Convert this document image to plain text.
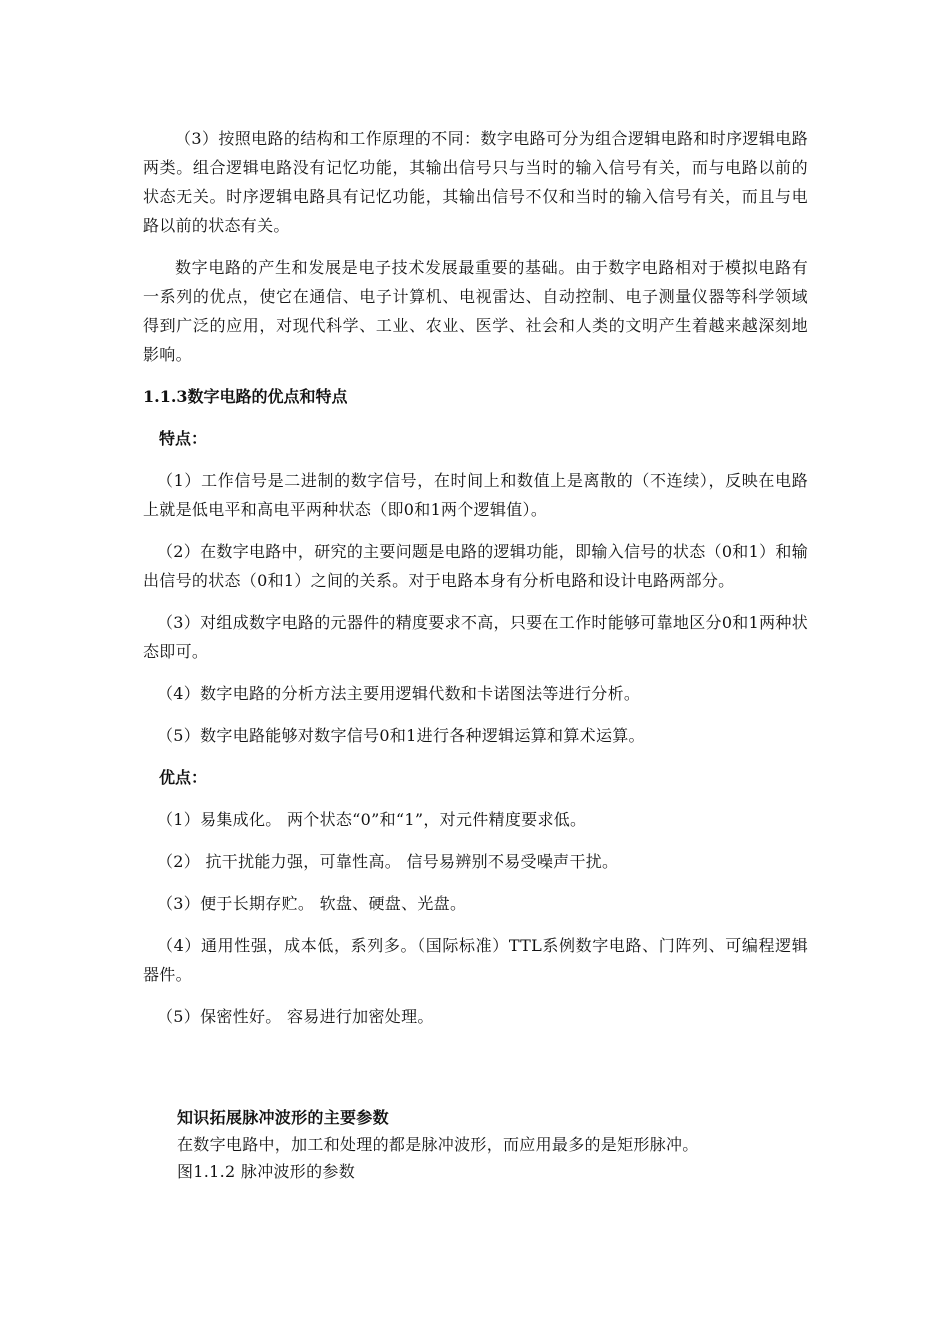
（3）按照电路的结构和工作原理的不同：数字电路可分为组合逻辑电路和时序逻辑电路两类。组合逻辑电路没有记忆功能，其输出信号只与当时的输入信号有关，而与电路以前的状态无关。时序逻辑电路具有记忆功能，其输出信号不仅和当时的输入信号有关，而且与电路以前的状态有关。

数字电路的产生和发展是电子技术发展最重要的基础。由于数字电路相对于模拟电路有一系列的优点，使它在通信、电子计算机、电视雷达、自动控制、电子测量仪器等科学领域得到广泛的应用，对现代科学、工业、农业、医学、社会和人类的文明产生着越来越深刻地影响。

1.1.3数字电路的优点和特点
特点：

（1）工作信号是二进制的数字信号，在时间上和数值上是离散的（不连续），反映在电路上就是低电平和高电平两种状态（即0和1两个逻辑值）。

（2）在数字电路中，研究的主要问题是电路的逻辑功能，即输入信号的状态（0和1）和输出信号的状态（0和1）之间的关系。对于电路本身有分析电路和设计电路两部分。

（3）对组成数字电路的元器件的精度要求不高，只要在工作时能够可靠地区分0和1两种状态即可。

（4）数字电路的分析方法主要用逻辑代数和卡诺图法等进行分析。

（5）数字电路能够对数字信号0和1进行各种逻辑运算和算术运算。

优点：

（1）易集成化。 两个状态“0”和“1”，对元件精度要求低。

（2） 抗干扰能力强，可靠性高。 信号易辨别不易受噪声干扰。

（3）便于长期存贮。 软盘、硬盘、光盘。

（4）通用性强，成本低，系列多。（国际标准）TTL系例数字电路、门阵列、可编程逻辑器件。

（5）保密性好。 容易进行加密处理。

知识拓展脉冲波形的主要参数

在数字电路中，加工和处理的都是脉冲波形，而应用最多的是矩形脉冲。

图1.1.2 脉冲波形的参数
